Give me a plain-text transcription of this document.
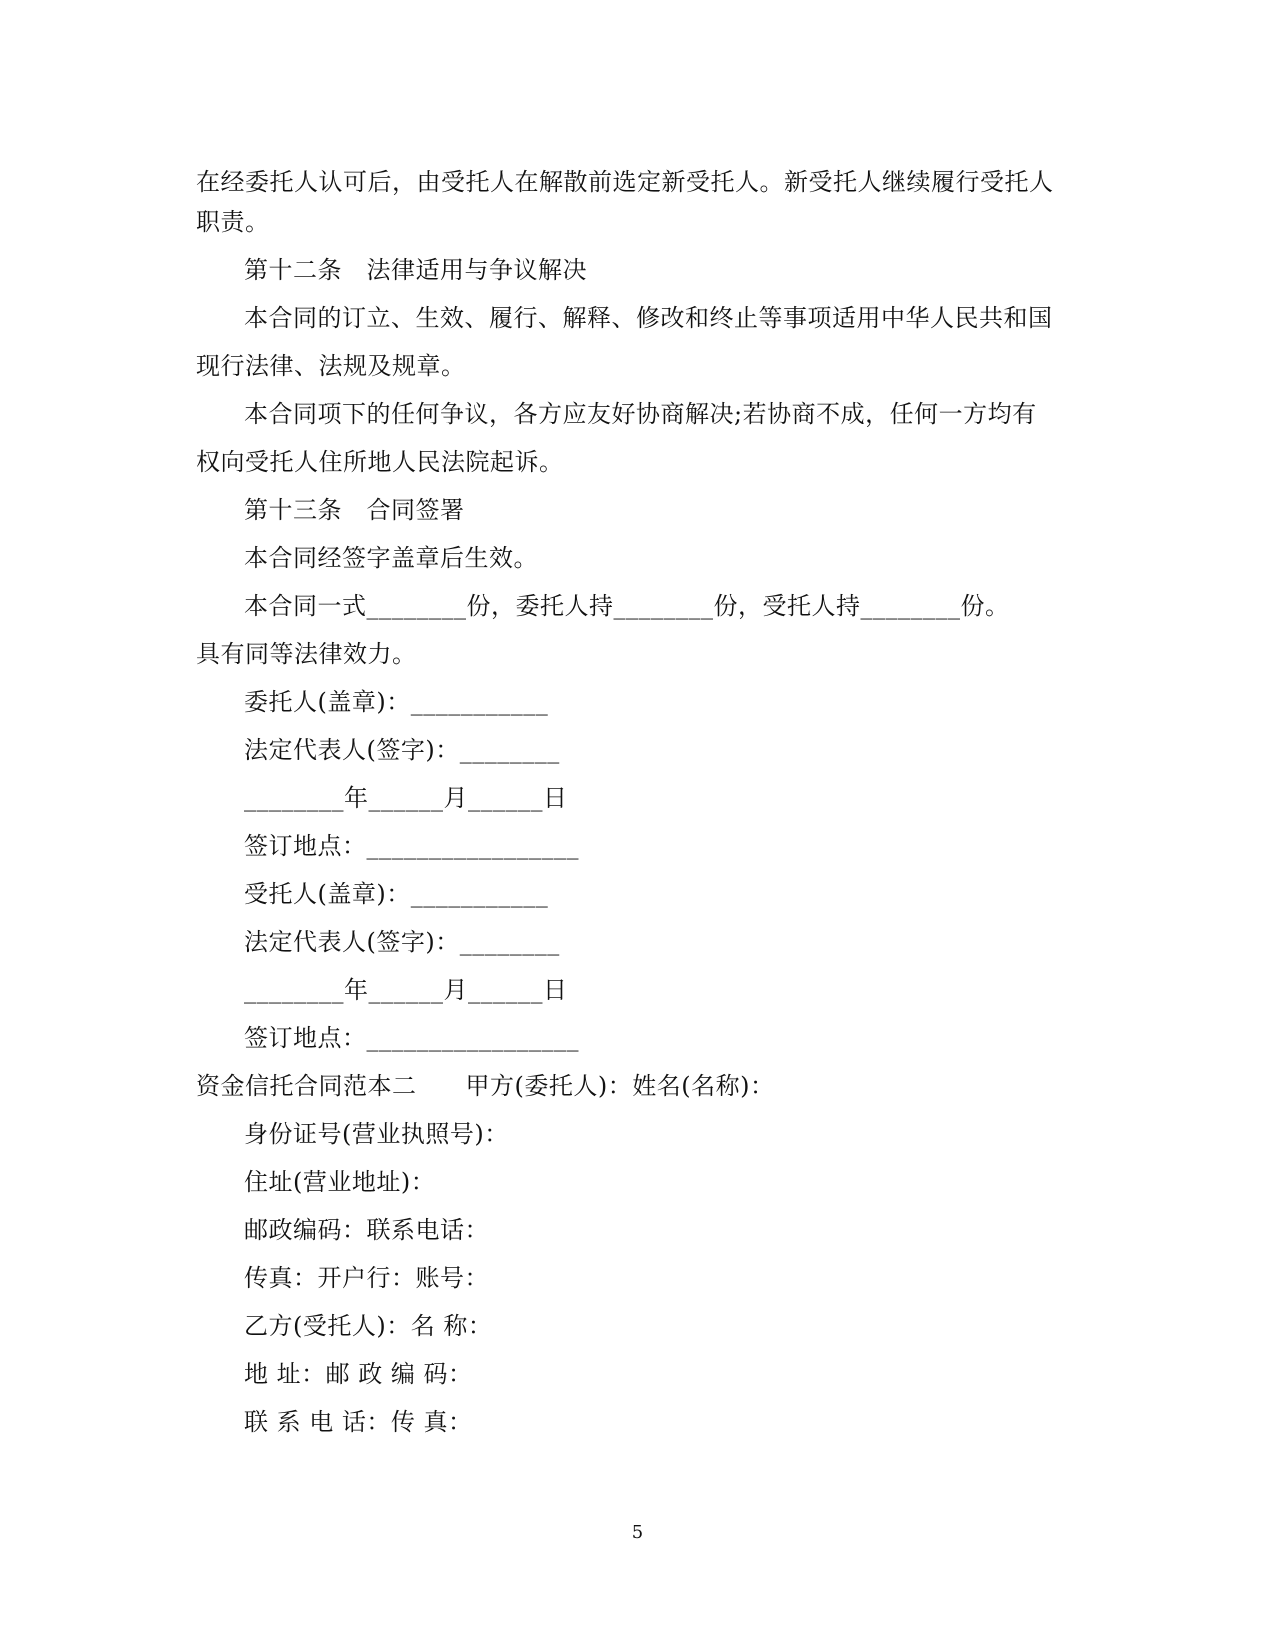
在经委托人认可后，由受托人在解散前选定新受托人。新受托人继续履行受托人
职责。
第十二条　法律适用与争议解决
本合同的订立、生效、履行、解释、修改和终止等事项适用中华人民共和国
现行法律、法规及规章。
本合同项下的任何争议，各方应友好协商解决;若协商不成，任何一方均有
权向受托人住所地人民法院起诉。
第十三条　合同签署
本合同经签字盖章后生效。
本合同一式________份，委托人持________份，受托人持________份。
具有同等法律效力。
委托人(盖章)：___________
法定代表人(签字)：________
________年______月______日
签订地点：_________________
受托人(盖章)：___________
法定代表人(签字)：________
________年______月______日
签订地点：_________________
资金信托合同范本二　　甲方(委托人)：姓名(名称)：
身份证号(营业执照号)：
住址(营业地址)：
邮政编码：联系电话：
传真：开户行：账号：
乙方(受托人)：名 称：
地 址：邮 政 编 码：
联 系 电 话：传 真：
5
